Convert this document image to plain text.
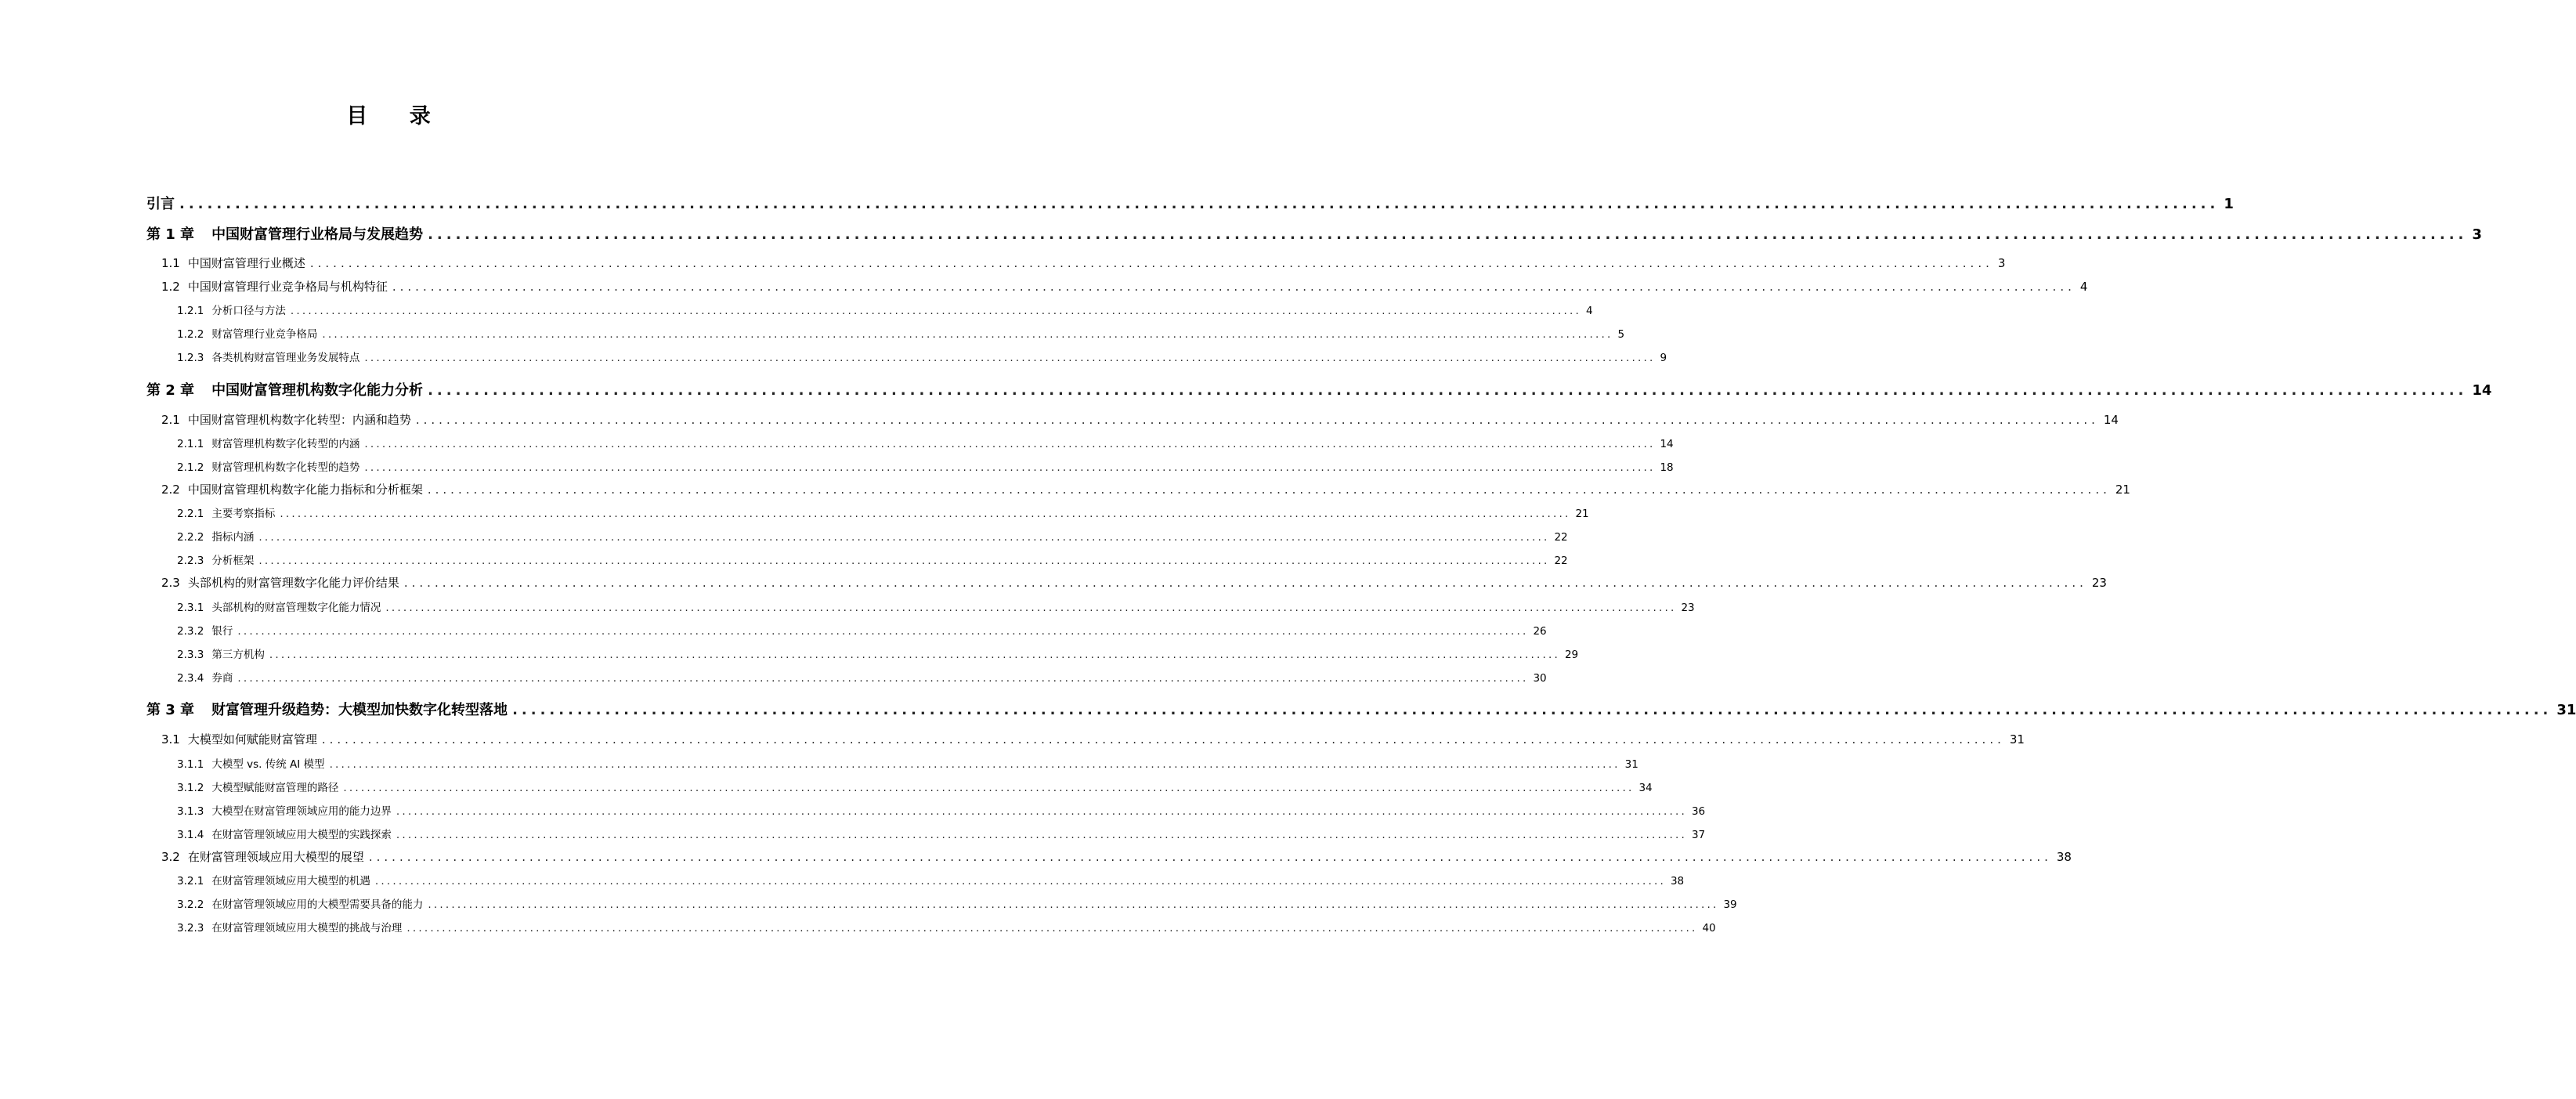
目 录
引言 ............................................................................................................................................................................................................................ 1
第 1 章 中国财富管理行业格局与发展趋势 ............................................................................................................................................................................................................................ 3
1.1 中国财富管理行业概述 ............................................................................................................................................................................................................................ 3
1.2 中国财富管理行业竞争格局与机构特征 ............................................................................................................................................................................................................................ 4
1.2.1 分析口径与方法 ............................................................................................................................................................................................................................ 4
1.2.2 财富管理行业竞争格局 ............................................................................................................................................................................................................................ 5
1.2.3 各类机构财富管理业务发展特点 ............................................................................................................................................................................................................................ 9
第 2 章 中国财富管理机构数字化能力分析 ............................................................................................................................................................................................................................ 14
2.1 中国财富管理机构数字化转型：内涵和趋势 ............................................................................................................................................................................................................................ 14
2.1.1 财富管理机构数字化转型的内涵 ............................................................................................................................................................................................................................ 14
2.1.2 财富管理机构数字化转型的趋势 ............................................................................................................................................................................................................................ 18
2.2 中国财富管理机构数字化能力指标和分析框架 ............................................................................................................................................................................................................................ 21
2.2.1 主要考察指标 ............................................................................................................................................................................................................................ 21
2.2.2 指标内涵 ............................................................................................................................................................................................................................ 22
2.2.3 分析框架 ............................................................................................................................................................................................................................ 22
2.3 头部机构的财富管理数字化能力评价结果 ............................................................................................................................................................................................................................ 23
2.3.1 头部机构的财富管理数字化能力情况 ............................................................................................................................................................................................................................ 23
2.3.2 银行 ............................................................................................................................................................................................................................ 26
2.3.3 第三方机构 ............................................................................................................................................................................................................................ 29
2.3.4 券商 ............................................................................................................................................................................................................................ 30
第 3 章 财富管理升级趋势：大模型加快数字化转型落地 ............................................................................................................................................................................................................................ 31
3.1 大模型如何赋能财富管理 ............................................................................................................................................................................................................................ 31
3.1.1 大模型 vs. 传统 AI 模型 ............................................................................................................................................................................................................................ 31
3.1.2 大模型赋能财富管理的路径 ............................................................................................................................................................................................................................ 34
3.1.3 大模型在财富管理领域应用的能力边界 ............................................................................................................................................................................................................................ 36
3.1.4 在财富管理领域应用大模型的实践探索 ............................................................................................................................................................................................................................ 37
3.2 在财富管理领域应用大模型的展望 ............................................................................................................................................................................................................................ 38
3.2.1 在财富管理领域应用大模型的机遇 ............................................................................................................................................................................................................................ 38
3.2.2 在财富管理领域应用的大模型需要具备的能力 ............................................................................................................................................................................................................................ 39
3.2.3 在财富管理领域应用大模型的挑战与治理 ............................................................................................................................................................................................................................ 40
